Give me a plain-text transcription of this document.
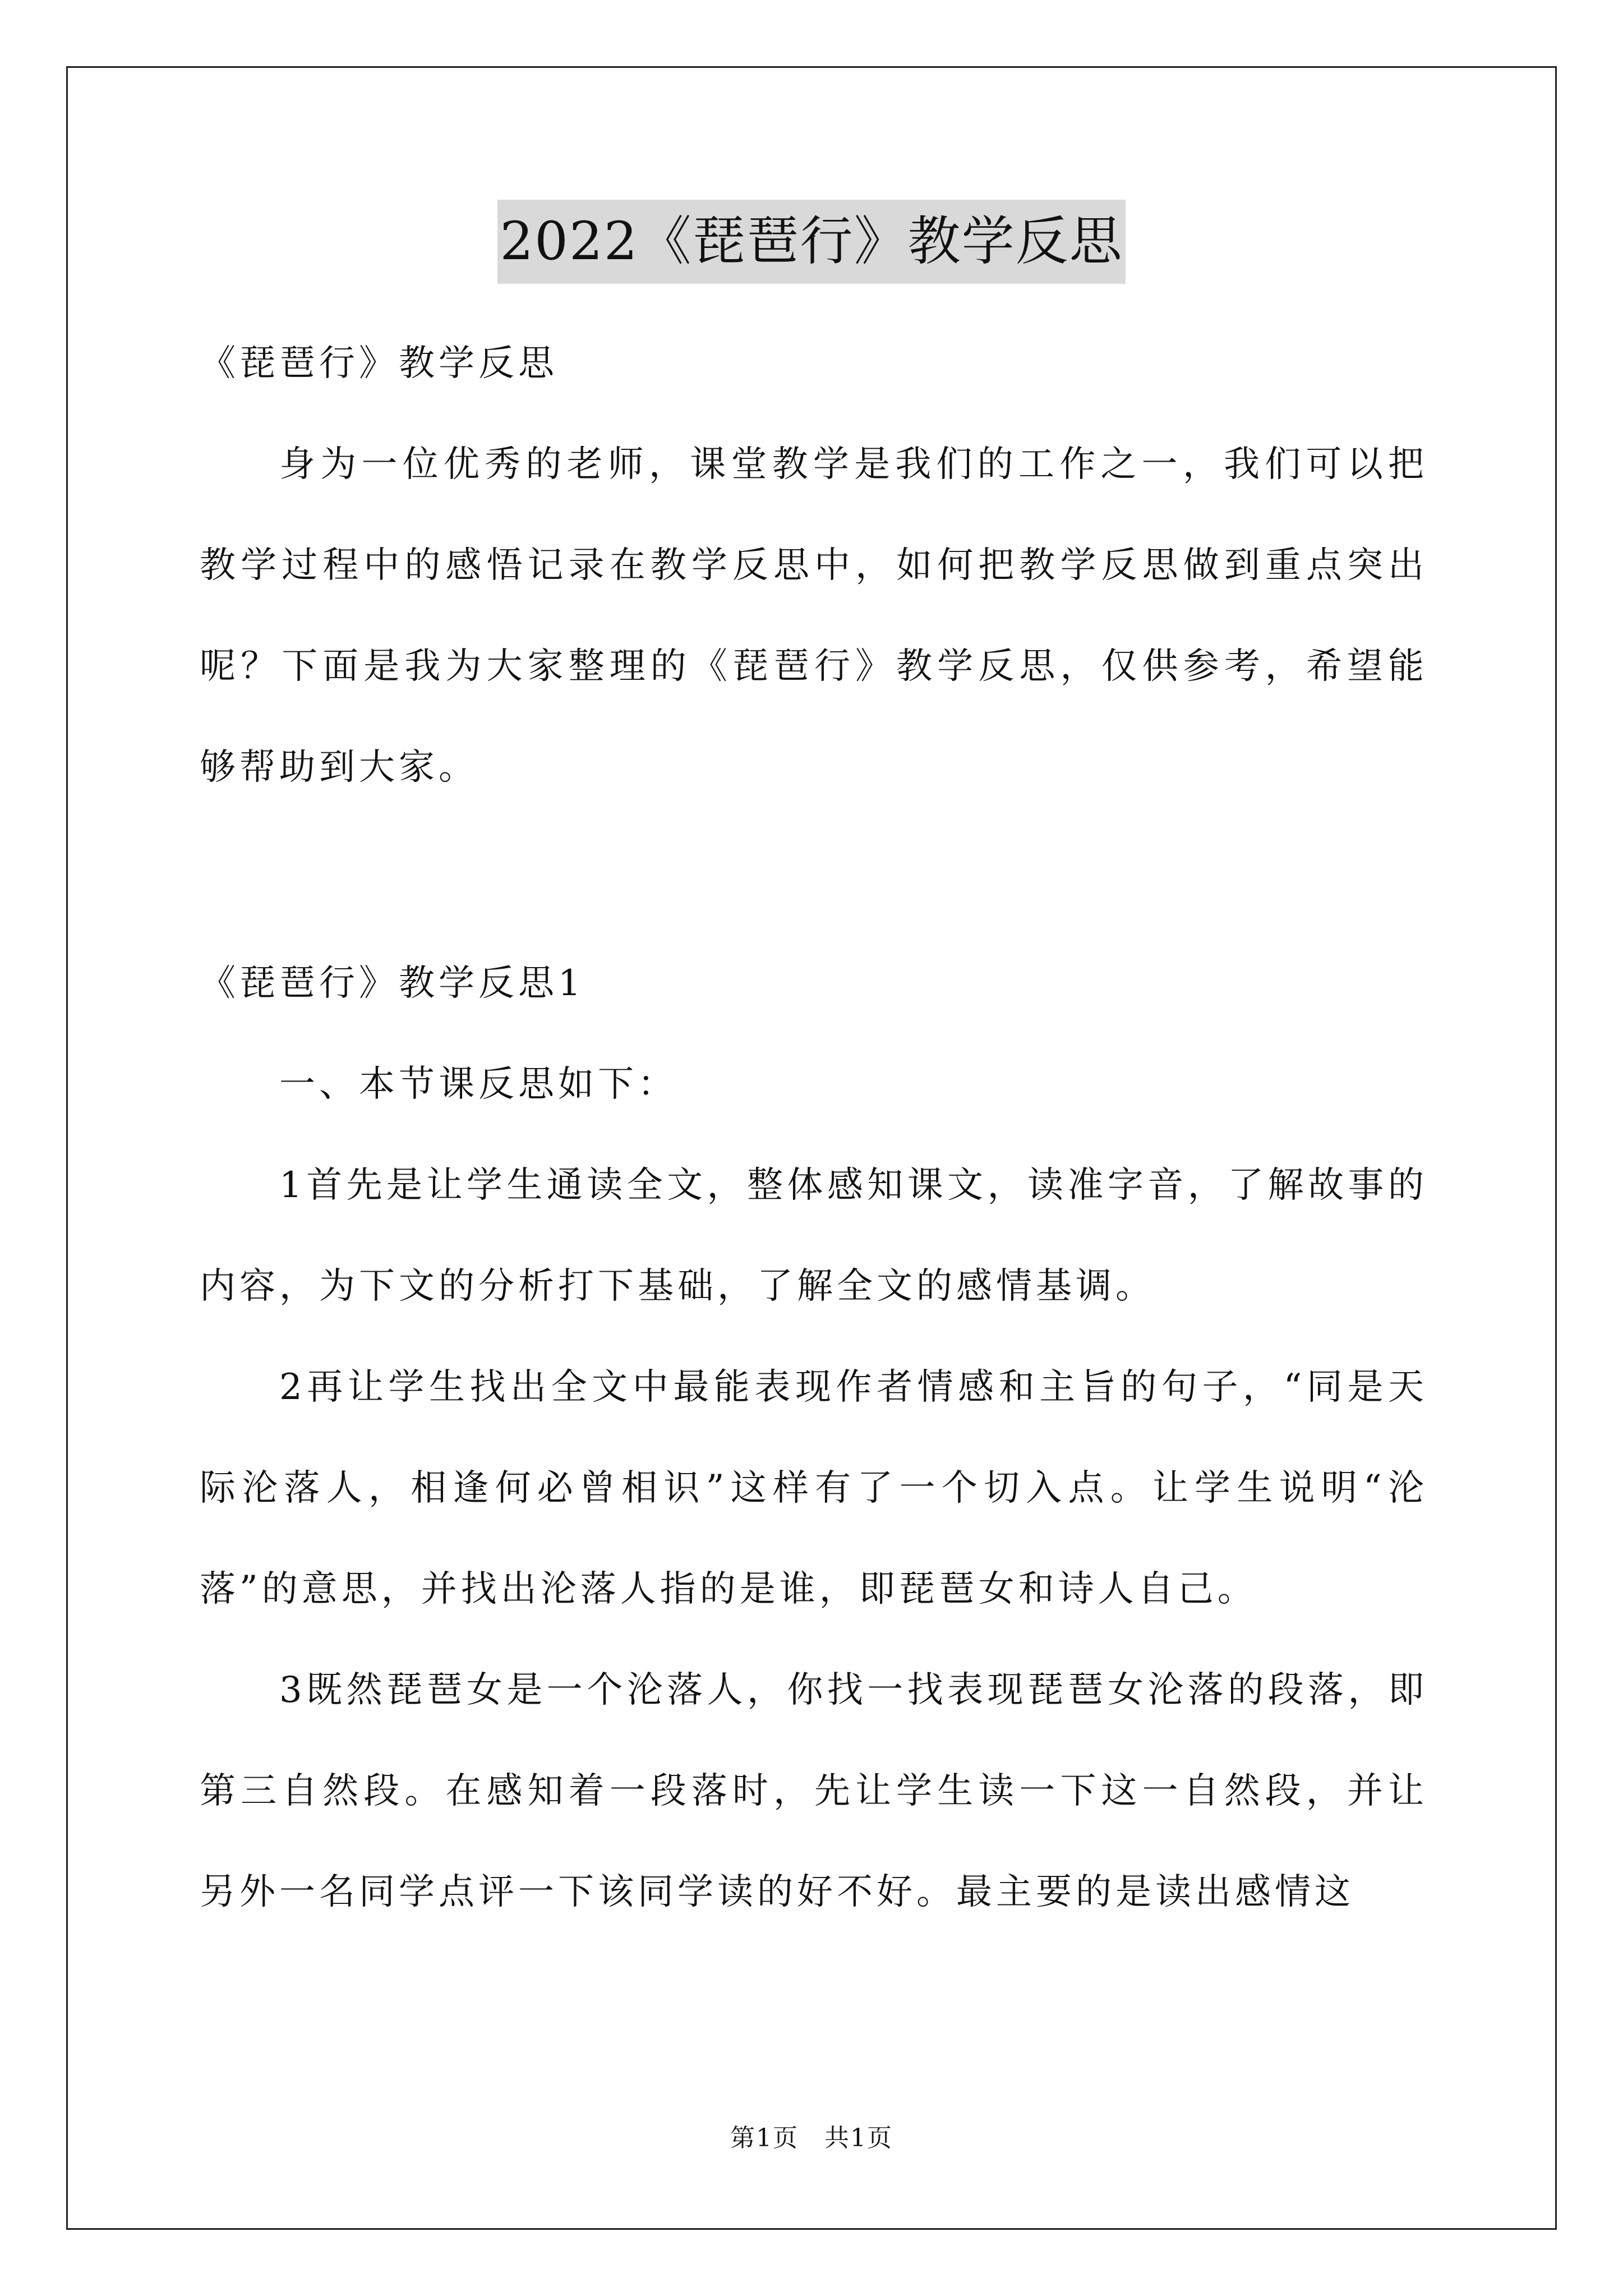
2022《琵琶行》教学反思
《琵琶行》教学反思
身为一位优秀的老师，课堂教学是我们的工作之一，我们可以把教学过程中的感悟记录在教学反思中，如何把教学反思做到重点突出呢？下面是我为大家整理的《琵琶行》教学反思，仅供参考，希望能够帮助到大家。
《琵琶行》教学反思1
一、本节课反思如下：
1首先是让学生通读全文，整体感知课文，读准字音，了解故事的内容，为下文的分析打下基础，了解全文的感情基调。
2再让学生找出全文中最能表现作者情感和主旨的句子，“同是天际沦落人，相逢何必曾相识”这样有了一个切入点。让学生说明“沦落”的意思，并找出沦落人指的是谁，即琵琶女和诗人自己。
3既然琵琶女是一个沦落人，你找一找表现琵琶女沦落的段落，即第三自然段。在感知着一段落时，先让学生读一下这一自然段，并让另外一名同学点评一下该同学读的好不好。最主要的是读出感情这
第1页　共1页
